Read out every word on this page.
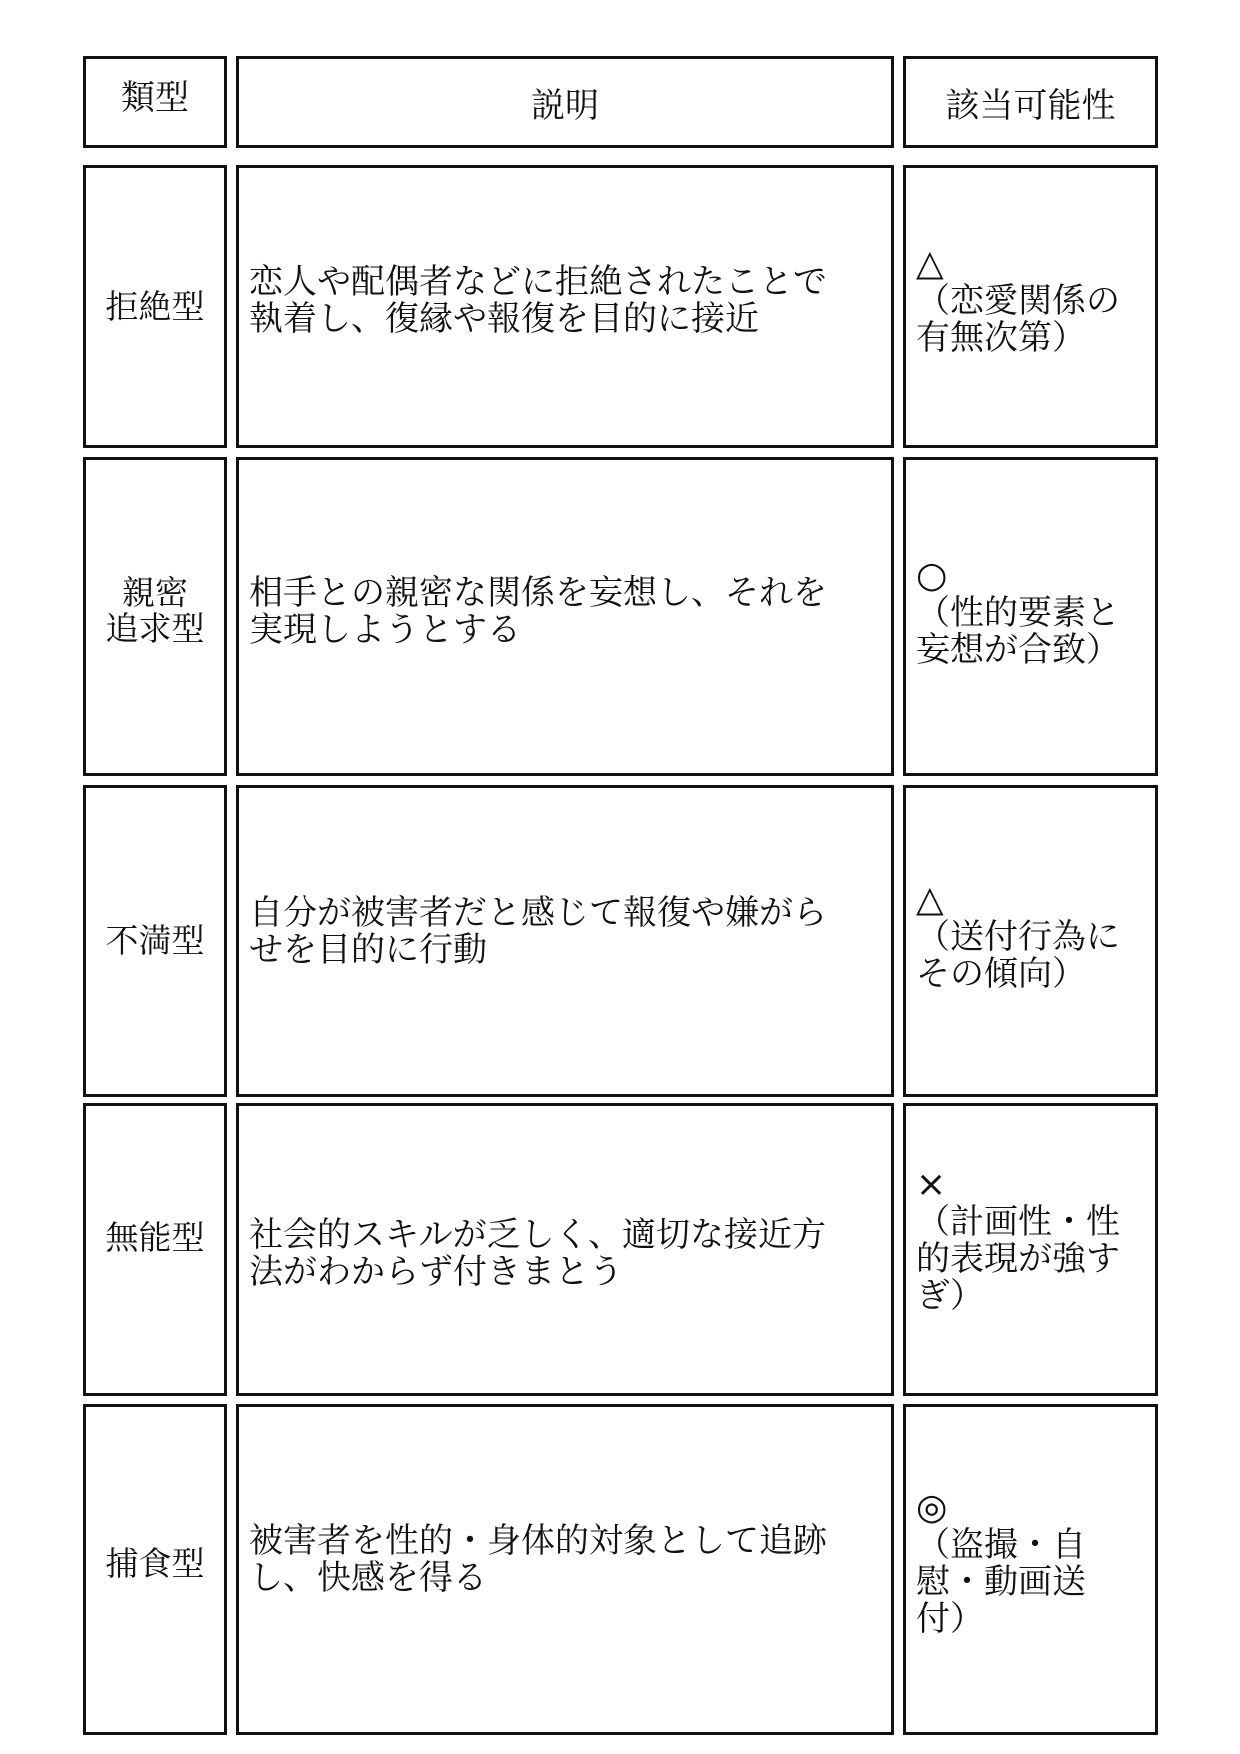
類型	説明	該当可能性
拒絶型
恋人や配偶者などに拒絶されたことで
執着し、復縁や報復を目的に接近
△
（恋愛関係の
有無次第）
親密
追求型
相手との親密な関係を妄想し、それを
実現しようとする
○
（性的要素と
妄想が合致）
不満型
自分が被害者だと感じて報復や嫌がら
せを目的に行動
△
（送付行為に
その傾向）
無能型 社会的スキルが乏しく、適切な接近方
法がわからず付きまとう
×
（計画性・性
的表現が強す
ぎ）
捕食型
被害者を性的・身体的対象として追跡
し、快感を得る
◎
（盗撮・自
慰・動画送
付）
